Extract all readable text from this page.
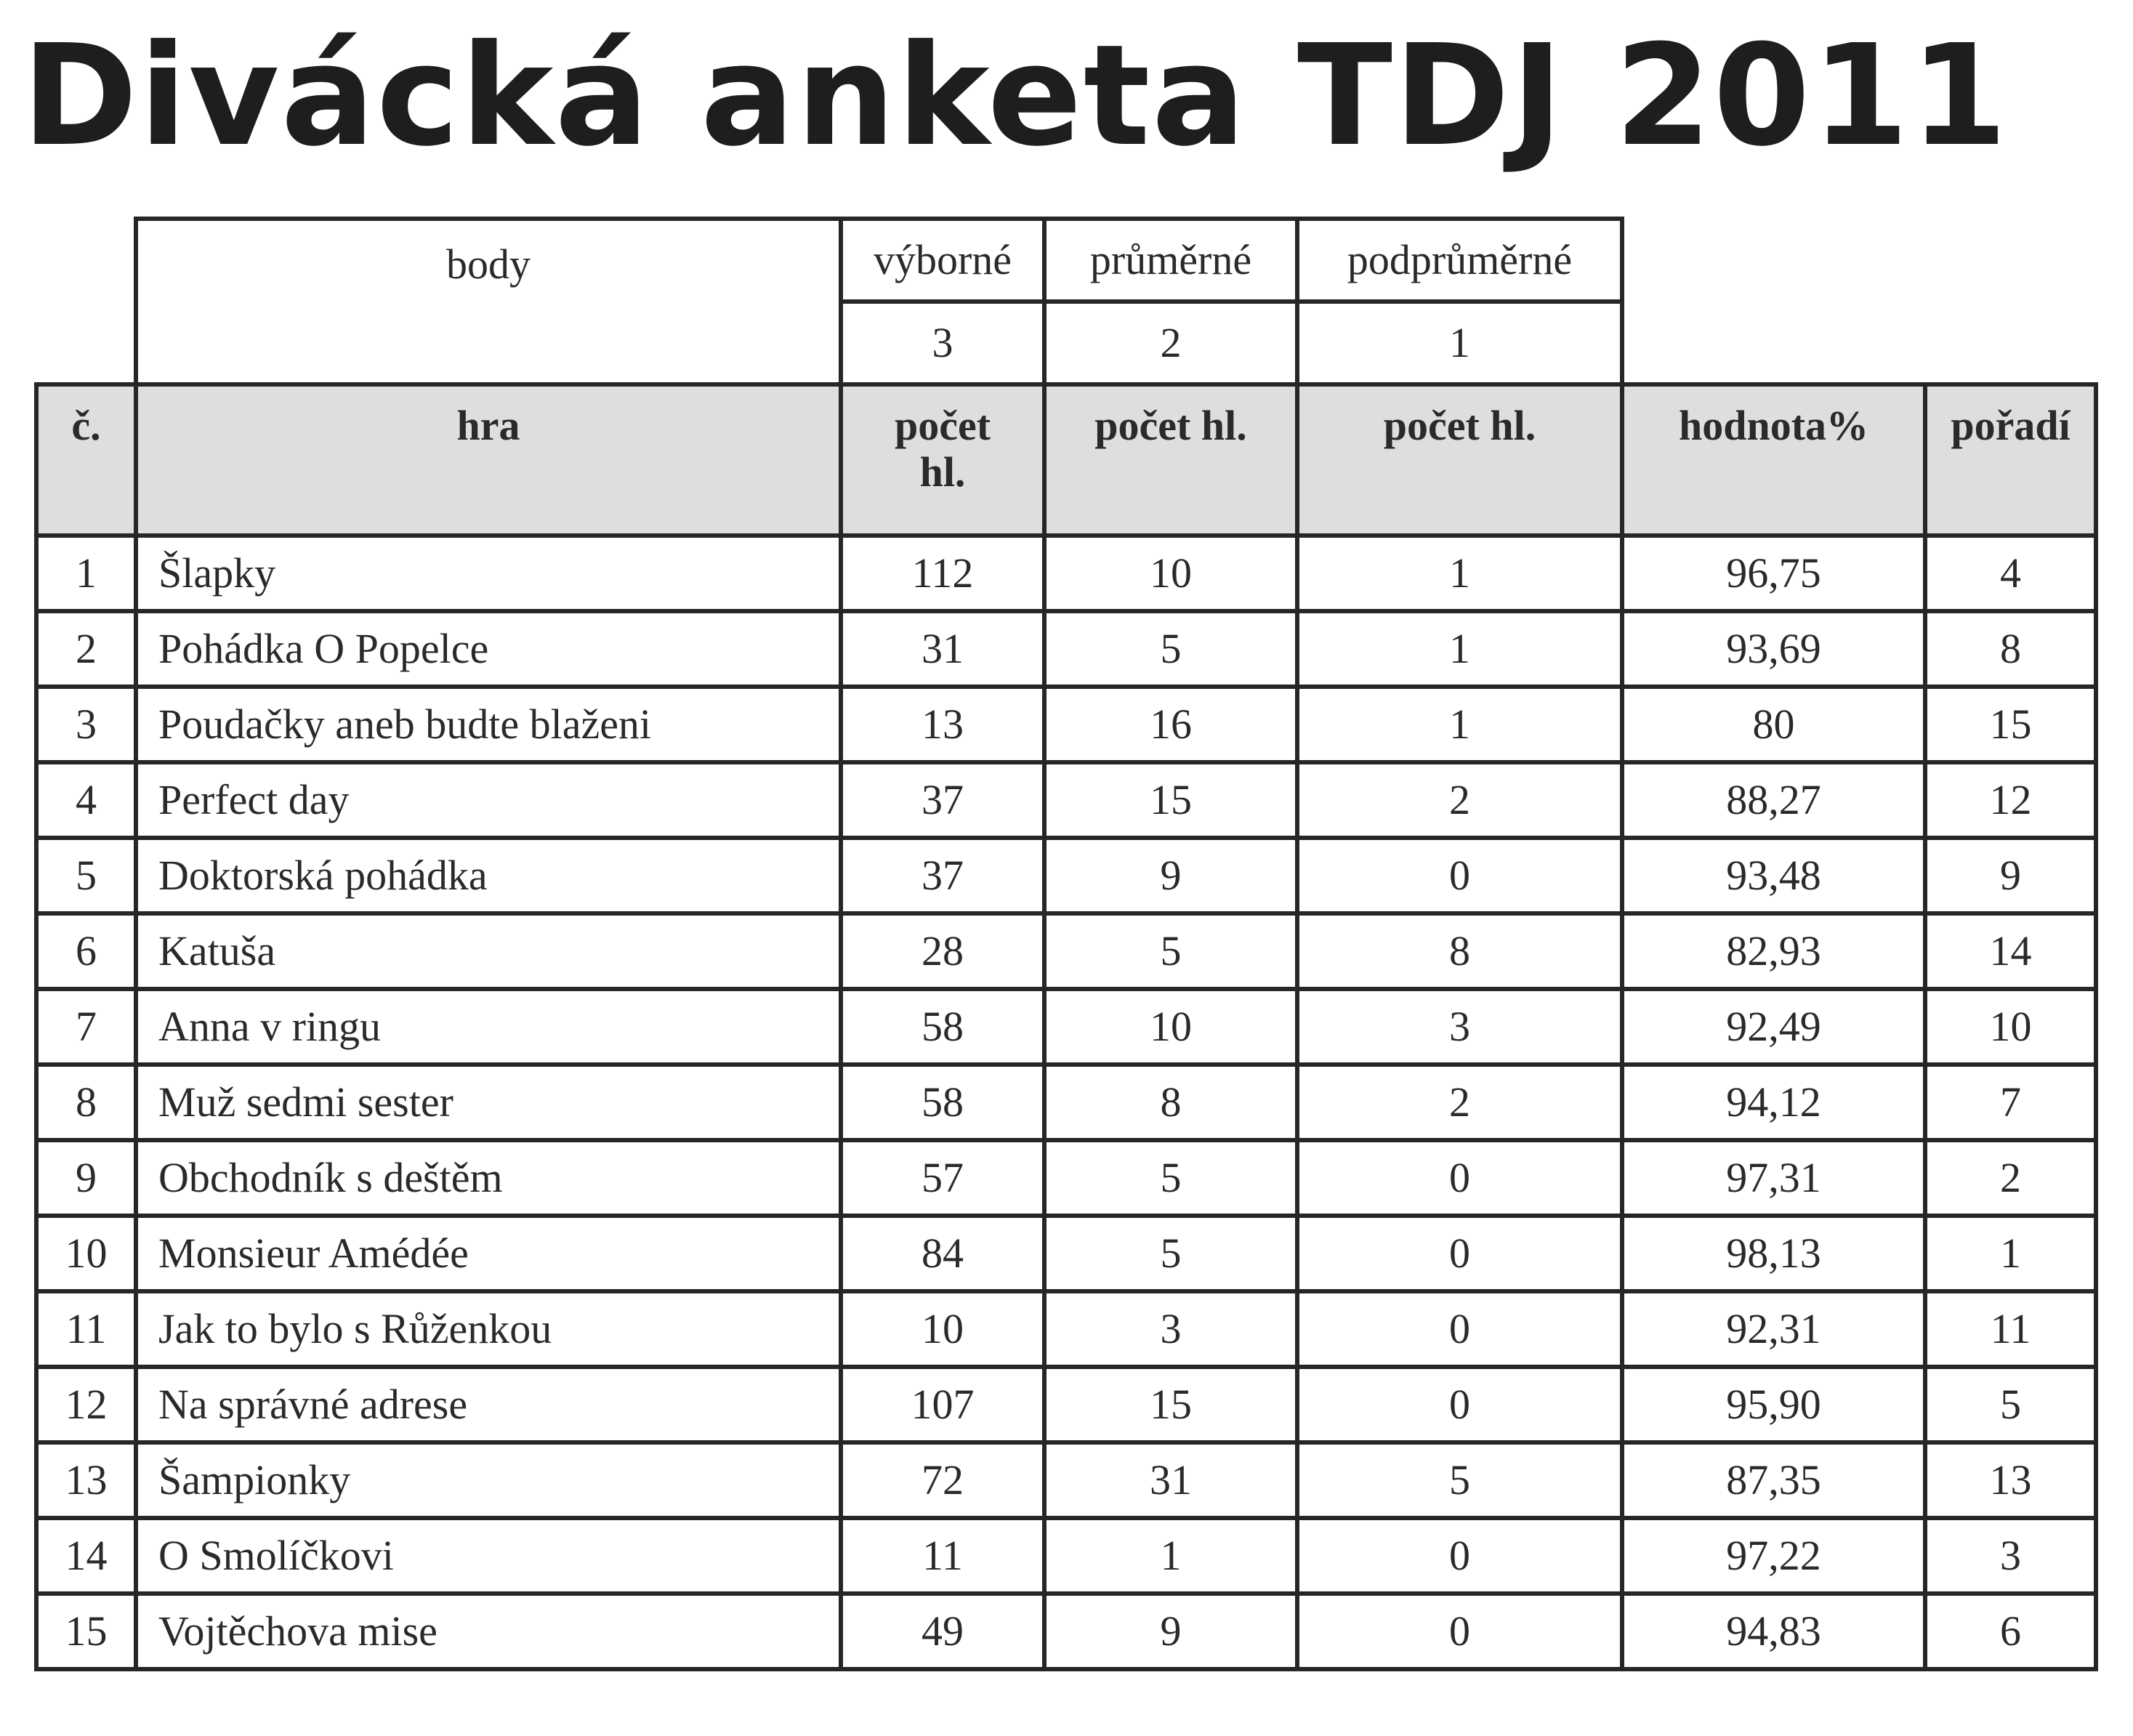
Divácká anketa TDJ 2011
	body	výborné	průměrné	podprůměrné		
		3	2	1		
č.	hra	počet hl.	počet hl.	počet hl.	hodnota%	pořadí
1	Šlapky	112	10	1	96,75	4
2	Pohádka O Popelce	31	5	1	93,69	8
3	Poudačky aneb budte blaženi	13	16	1	80	15
4	Perfect day	37	15	2	88,27	12
5	Doktorská pohádka	37	9	0	93,48	9
6	Katuša	28	5	8	82,93	14
7	Anna v ringu	58	10	3	92,49	10
8	Muž sedmi sester	58	8	2	94,12	7
9	Obchodník s deštěm	57	5	0	97,31	2
10	Monsieur Amédée	84	5	0	98,13	1
11	Jak to bylo s Růženkou	10	3	0	92,31	11
12	Na správné adrese	107	15	0	95,90	5
13	Šampionky	72	31	5	87,35	13
14	O Smolíčkovi	11	1	0	97,22	3
15	Vojtěchova mise	49	9	0	94,83	6
